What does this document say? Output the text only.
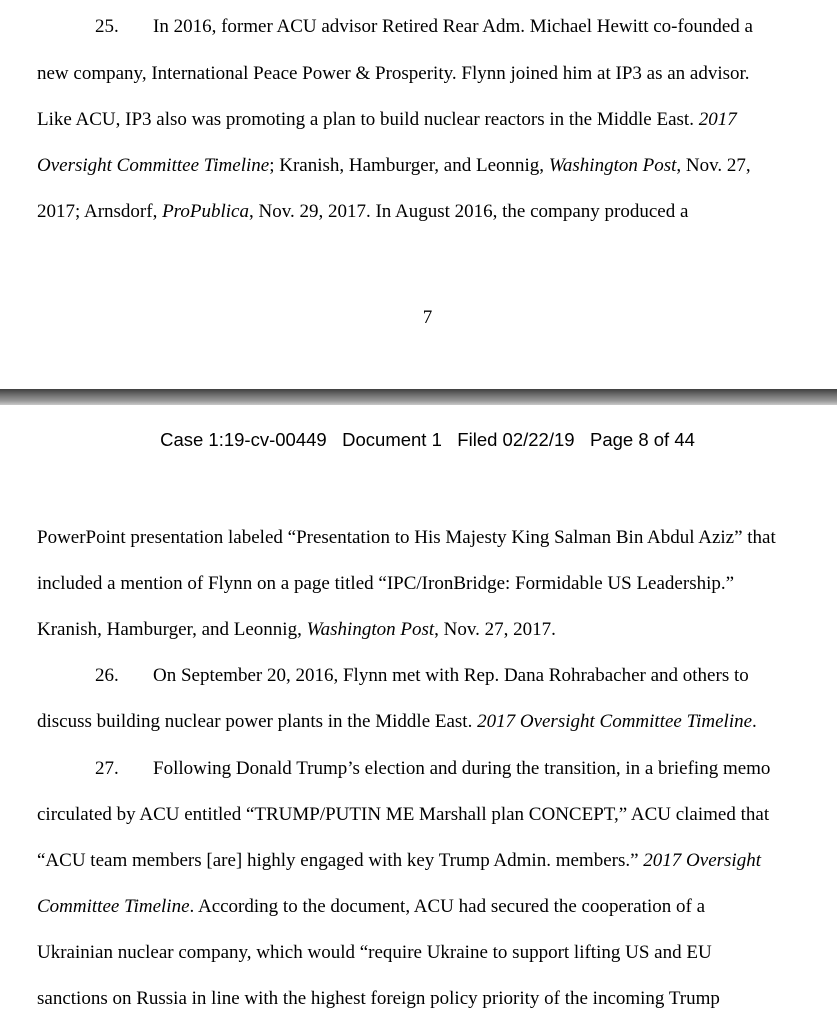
25. In 2016, former ACU advisor Retired Rear Adm. Michael Hewitt co-founded a
new company, International Peace Power & Prosperity. Flynn joined him at IP3 as an advisor.
Like ACU, IP3 also was promoting a plan to build nuclear reactors in the Middle East. 2017
Oversight Committee Timeline; Kranish, Hamburger, and Leonnig, Washington Post, Nov. 27,
2017; Arnsdorf, ProPublica, Nov. 29, 2017. In August 2016, the company produced a
7
Case 1:19-cv-00449 Document 1 Filed 02/22/19 Page 8 of 44
PowerPoint presentation labeled “Presentation to His Majesty King Salman Bin Abdul Aziz” that
included a mention of Flynn on a page titled “IPC/IronBridge: Formidable US Leadership.”
Kranish, Hamburger, and Leonnig, Washington Post, Nov. 27, 2017.
26. On September 20, 2016, Flynn met with Rep. Dana Rohrabacher and others to
discuss building nuclear power plants in the Middle East. 2017 Oversight Committee Timeline.
27. Following Donald Trump’s election and during the transition, in a briefing memo
circulated by ACU entitled “TRUMP/PUTIN ME Marshall plan CONCEPT,” ACU claimed that
“ACU team members [are] highly engaged with key Trump Admin. members.” 2017 Oversight
Committee Timeline. According to the document, ACU had secured the cooperation of a
Ukrainian nuclear company, which would “require Ukraine to support lifting US and EU
sanctions on Russia in line with the highest foreign policy priority of the incoming Trump
